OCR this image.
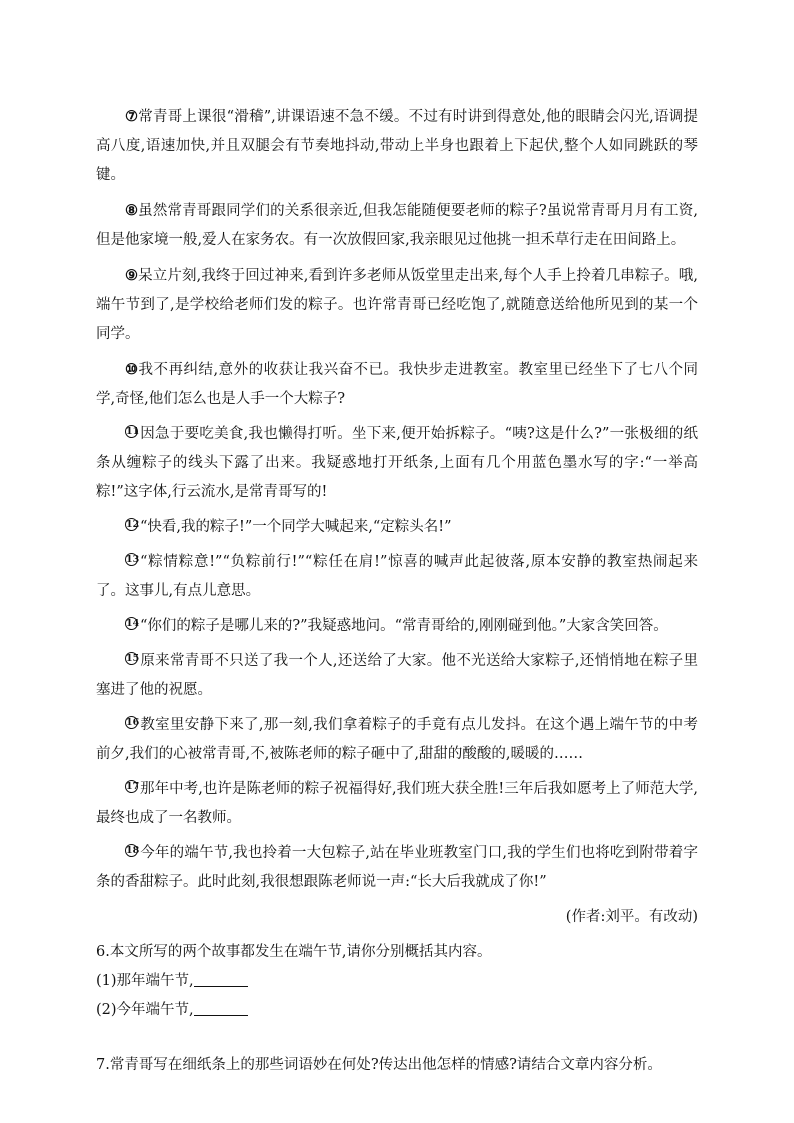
⑦常青哥上课很“滑稽”,讲课语速不急不缓。不过有时讲到得意处,他的眼睛会闪光,语调提高八度,语速加快,并且双腿会有节奏地抖动,带动上半身也跟着上下起伏,整个人如同跳跃的琴键。

⑧虽然常青哥跟同学们的关系很亲近,但我怎能随便要老师的粽子?虽说常青哥月月有工资,但是他家境一般,爱人在家务农。有一次放假回家,我亲眼见过他挑一担禾草行走在田间路上。

⑨呆立片刻,我终于回过神来,看到许多老师从饭堂里走出来,每个人手上拎着几串粽子。哦,端午节到了,是学校给老师们发的粽子。也许常青哥已经吃饱了,就随意送给他所见到的某一个同学。

⑩我不再纠结,意外的收获让我兴奋不已。我快步走进教室。教室里已经坐下了七八个同学,奇怪,他们怎么也是人手一个大粽子?

11因急于要吃美食,我也懒得打听。坐下来,便开始拆粽子。“咦?这是什么?”一张极细的纸条从缠粽子的线头下露了出来。我疑惑地打开纸条,上面有几个用蓝色墨水写的字:“一举高粽!”这字体,行云流水,是常青哥写的!

12“快看,我的粽子!”一个同学大喊起来,“定粽头名!”

13“粽情粽意!”“负粽前行!”“粽任在肩!”惊喜的喊声此起彼落,原本安静的教室热闹起来了。这事儿,有点儿意思。

14“你们的粽子是哪儿来的?”我疑惑地问。“常青哥给的,刚刚碰到他。”大家含笑回答。

15原来常青哥不只送了我一个人,还送给了大家。他不光送给大家粽子,还悄悄地在粽子里塞进了他的祝愿。

16教室里安静下来了,那一刻,我们拿着粽子的手竟有点儿发抖。在这个遇上端午节的中考前夕,我们的心被常青哥,不,被陈老师的粽子砸中了,甜甜的酸酸的,暖暖的……

17那年中考,也许是陈老师的粽子祝福得好,我们班大获全胜!三年后我如愿考上了师范大学,最终也成了一名教师。

18今年的端午节,我也拎着一大包粽子,站在毕业班教室门口,我的学生们也将吃到附带着字条的香甜粽子。此时此刻,我很想跟陈老师说一声:“长大后我就成了你!”

(作者:刘平。有改动)

6.本文所写的两个故事都发生在端午节,请你分别概括其内容。

(1)那年端午节,

(2)今年端午节,

7.常青哥写在细纸条上的那些词语妙在何处?传达出他怎样的情感?请结合文章内容分析。
